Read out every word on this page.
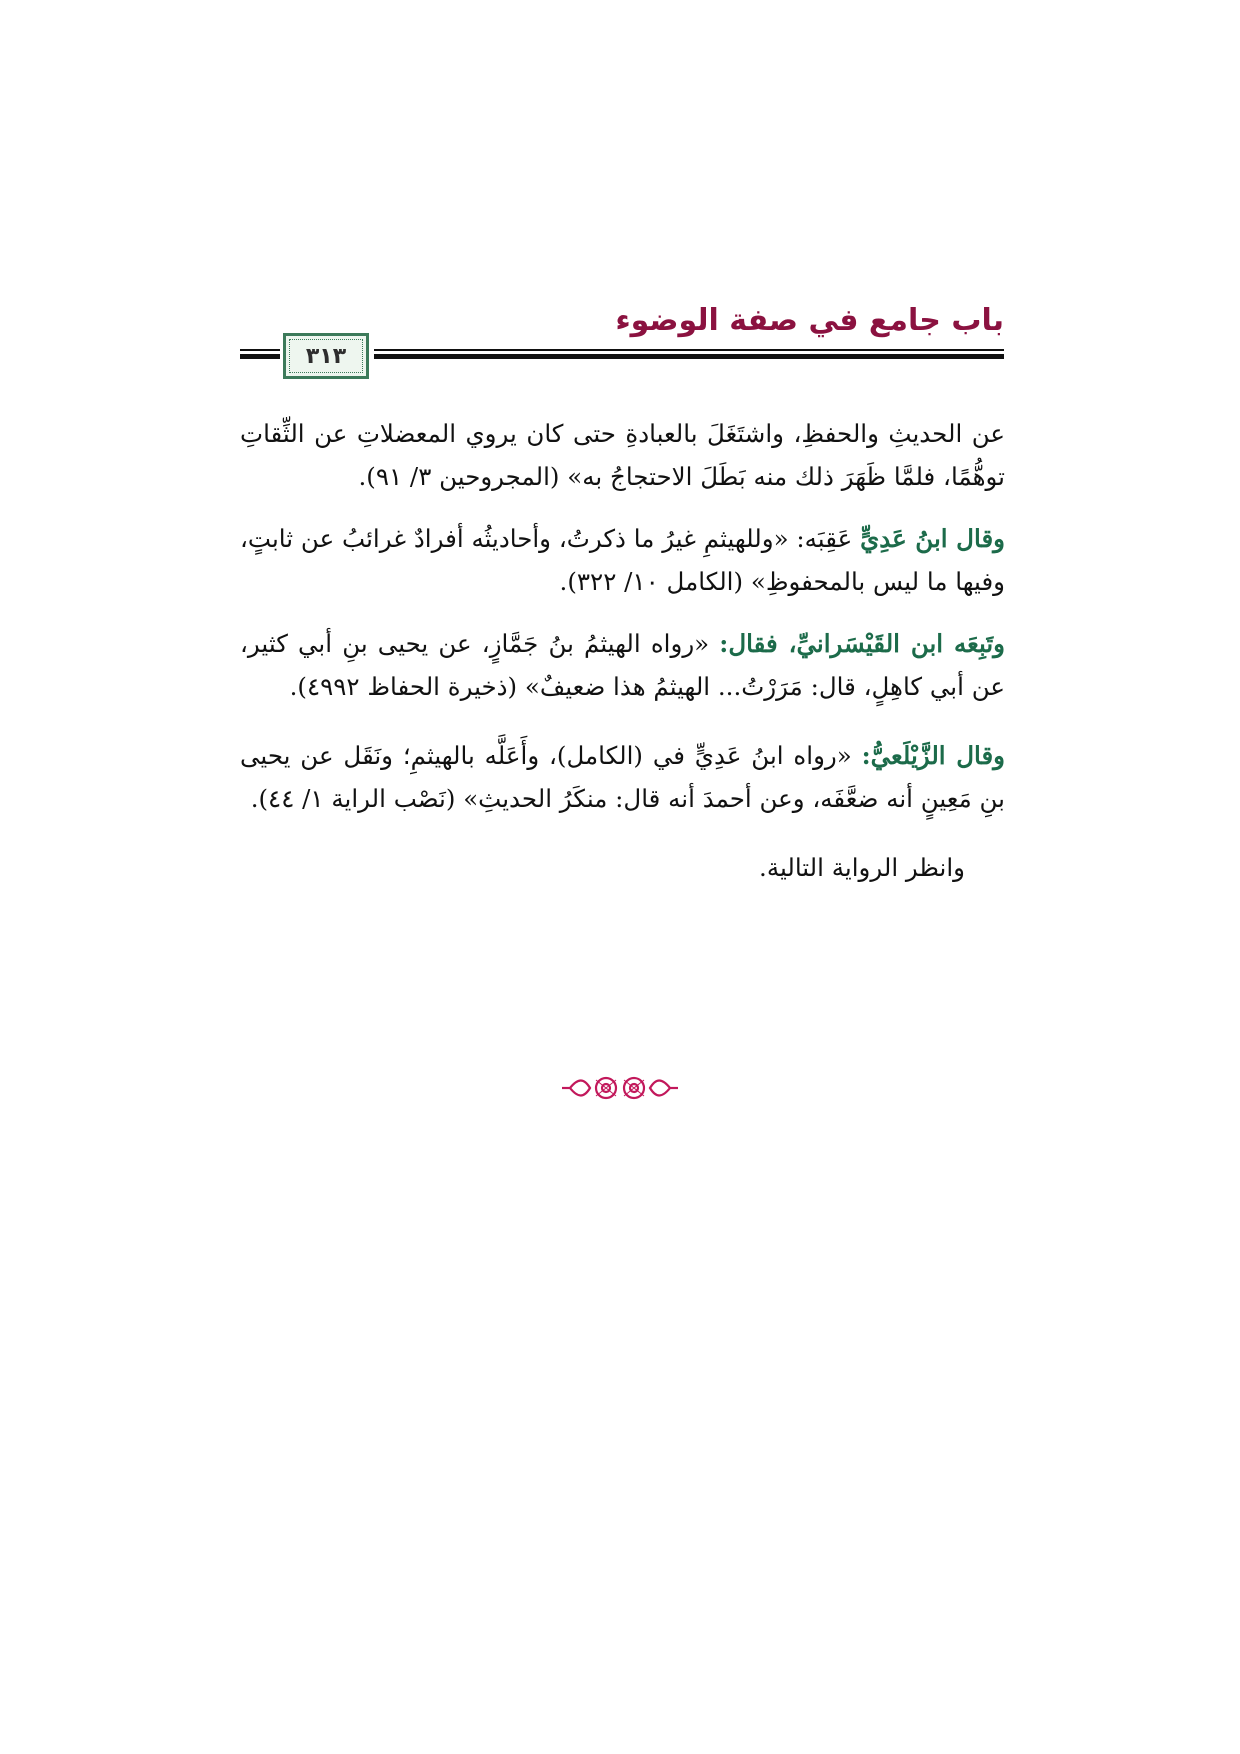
باب جامع في صفة الوضوء
٣١٣

عن الحديثِ والحفظِ، واشتَغَلَ بالعبادةِ حتى كان يروي المعضلاتِ عن الثِّقاتِ توهُّمًا، فلمَّا ظَهَرَ ذلك منه بَطَلَ الاحتجاجُ به» (المجروحين ٣/ ٩١).

وقال ابنُ عَدِيٍّ عَقِبَه: «وللهيثمِ غيرُ ما ذكرتُ، وأحاديثُه أفرادٌ غرائبُ عن ثابتٍ، وفيها ما ليس بالمحفوظِ» (الكامل ١٠/ ٣٢٢).

وتَبِعَه ابن القَيْسَرانيِّ، فقال: «رواه الهيثمُ بنُ جَمَّازٍ، عن يحيى بنِ أبي كثير، عن أبي كاهِلٍ، قال: مَرَرْتُ... الهيثمُ هذا ضعيفٌ» (ذخيرة الحفاظ ٤٩٩٢).

وقال الزَّيْلَعيُّ: «رواه ابنُ عَدِيٍّ في (الكامل)، وأَعَلَّه بالهيثمِ؛ ونَقَل عن يحيى بنِ مَعِينٍ أنه ضعَّفَه، وعن أحمدَ أنه قال: منكَرُ الحديثِ» (نَصْب الراية ١/ ٤٤).

وانظر الرواية التالية.
